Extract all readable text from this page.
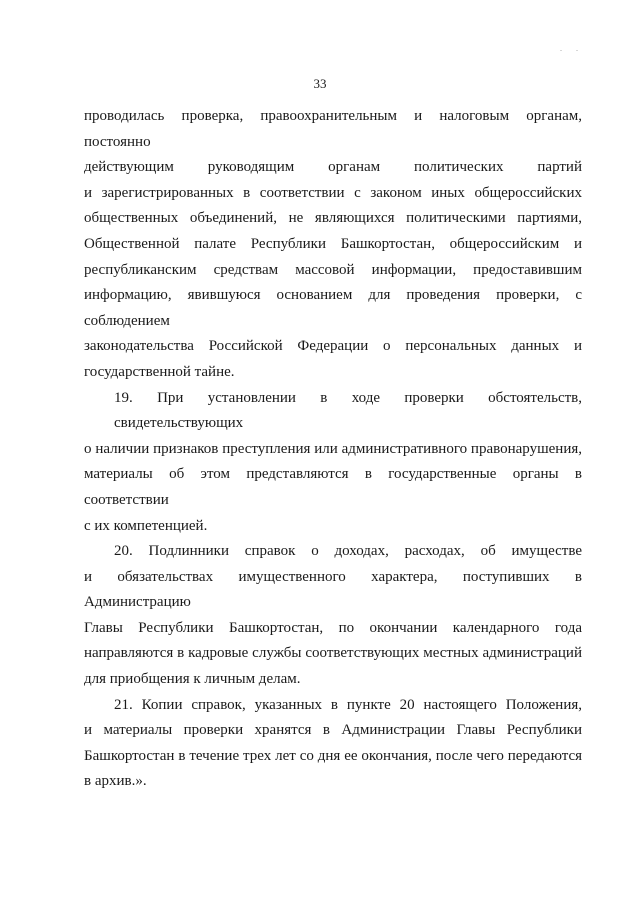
. .
33

проводилась проверка, правоохранительным и налоговым органам, постоянно
действующим руководящим органам политических партий
и зарегистрированных в соответствии с законом иных общероссийских
общественных объединений, не являющихся политическими партиями,
Общественной палате Республики Башкортостан, общероссийским и
республиканским средствам массовой информации, предоставившим
информацию, явившуюся основанием для проведения проверки, с соблюдением
законодательства Российской Федерации о персональных данных и
государственной тайне.

19. При установлении в ходе проверки обстоятельств, свидетельствующих
о наличии признаков преступления или административного правонарушения,
материалы об этом представляются в государственные органы в соответствии
с их компетенцией.

20. Подлинники справок о доходах, расходах, об имуществе
и обязательствах имущественного характера, поступивших в Администрацию
Главы Республики Башкортостан, по окончании календарного года
направляются в кадровые службы соответствующих местных администраций
для приобщения к личным делам.

21. Копии справок, указанных в пункте 20 настоящего Положения,
и материалы проверки хранятся в Администрации Главы Республики
Башкортостан в течение трех лет со дня ее окончания, после чего передаются
в архив.».
